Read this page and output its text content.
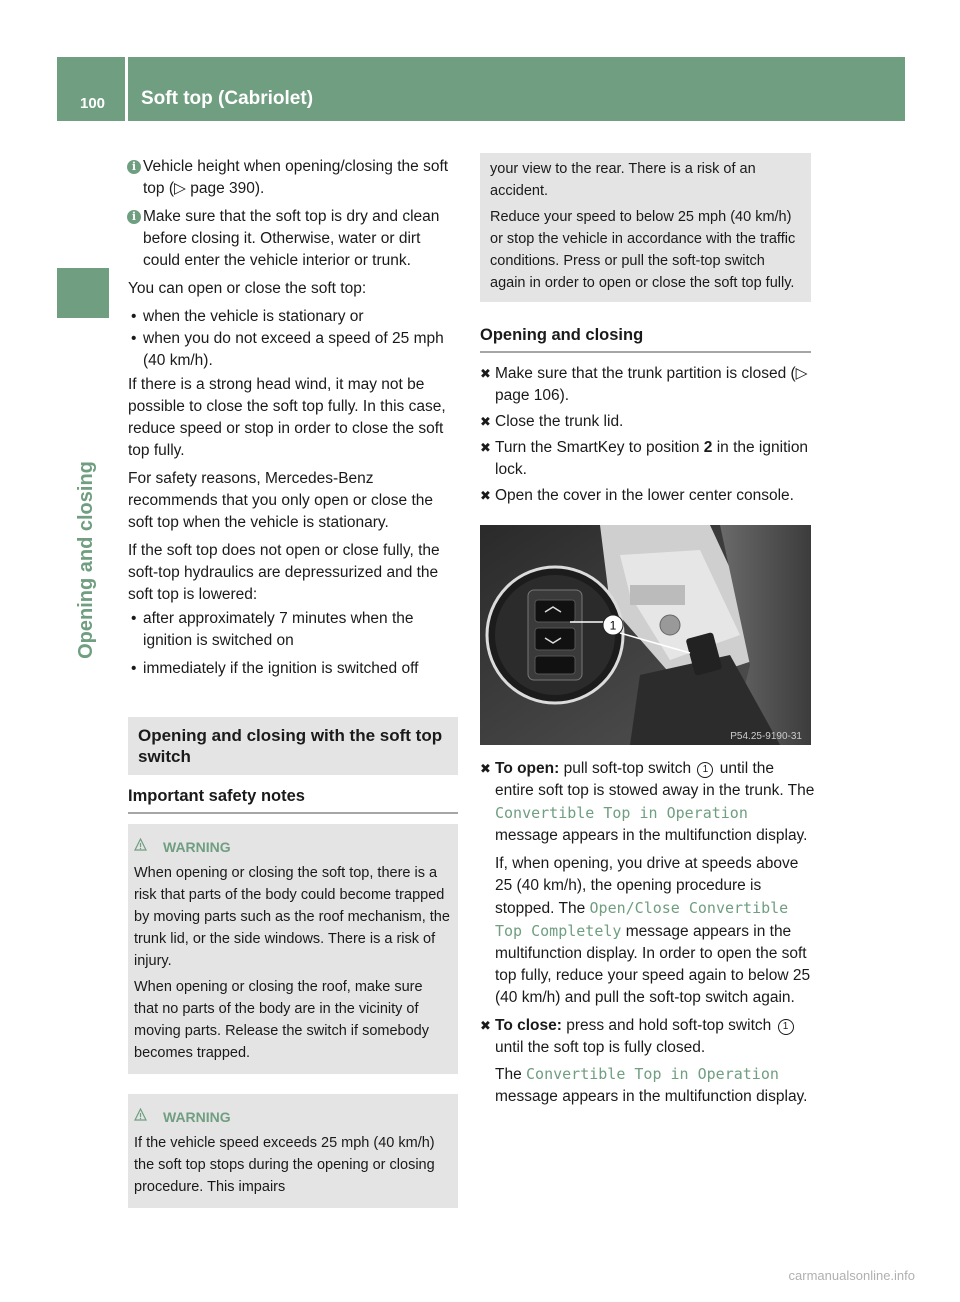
100 Soft top (Cabriolet)
Opening and closing
i Vehicle height when opening/closing the soft top (▷ page 390).
i Make sure that the soft top is dry and clean before closing it. Otherwise, water or dirt could enter the vehicle interior or trunk.

You can open or close the soft top:

• when the vehicle is stationary or
• when you do not exceed a speed of 25 mph (40 km/h).

If there is a strong head wind, it may not be possible to close the soft top fully. In this case, reduce speed or stop in order to close the soft top fully.

For safety reasons, Mercedes-Benz recommends that you only open or close the soft top when the vehicle is stationary.

If the soft top does not open or close fully, the soft-top hydraulics are depressurized and the soft top is lowered:

• after approximately 7 minutes when the ignition is switched on
• immediately if the ignition is switched off
Opening and closing with the soft top switch
Important safety notes
WARNING

When opening or closing the soft top, there is a risk that parts of the body could become trapped by moving parts such as the roof mechanism, the trunk lid, or the side windows. There is a risk of injury.

When opening or closing the roof, make sure that no parts of the body are in the vicinity of moving parts. Release the switch if somebody becomes trapped.

WARNING

If the vehicle speed exceeds 25 mph (40 km/h) the soft top stops during the opening or closing procedure. This impairs

your view to the rear. There is a risk of an accident.

Reduce your speed to below 25 mph (40 km/h) or stop the vehicle in accordance with the traffic conditions. Press or pull the soft-top switch again in order to open or close the soft top fully.

Opening and closing
✖ Make sure that the trunk partition is closed (▷ page 106).
✖ Close the trunk lid.
✖ Turn the SmartKey to position 2 in the ignition lock.
✖ Open the cover in the lower center console.
1
P54.25-9190-31
✖ To open: pull soft-top switch 1 until the entire soft top is stowed away in the trunk. The Convertible Top in Operation message appears in the multifunction display.

If, when opening, you drive at speeds above 25 (40 km/h), the opening procedure is stopped. The Open/Close Convertible Top Completely message appears in the multifunction display. In order to open the soft top fully, reduce your speed again to below 25 (40 km/h) and pull the soft-top switch again.

✖ To close: press and hold soft-top switch 1 until the soft top is fully closed.

The Convertible Top in Operation message appears in the multifunction display.

carmanualsonline.info
